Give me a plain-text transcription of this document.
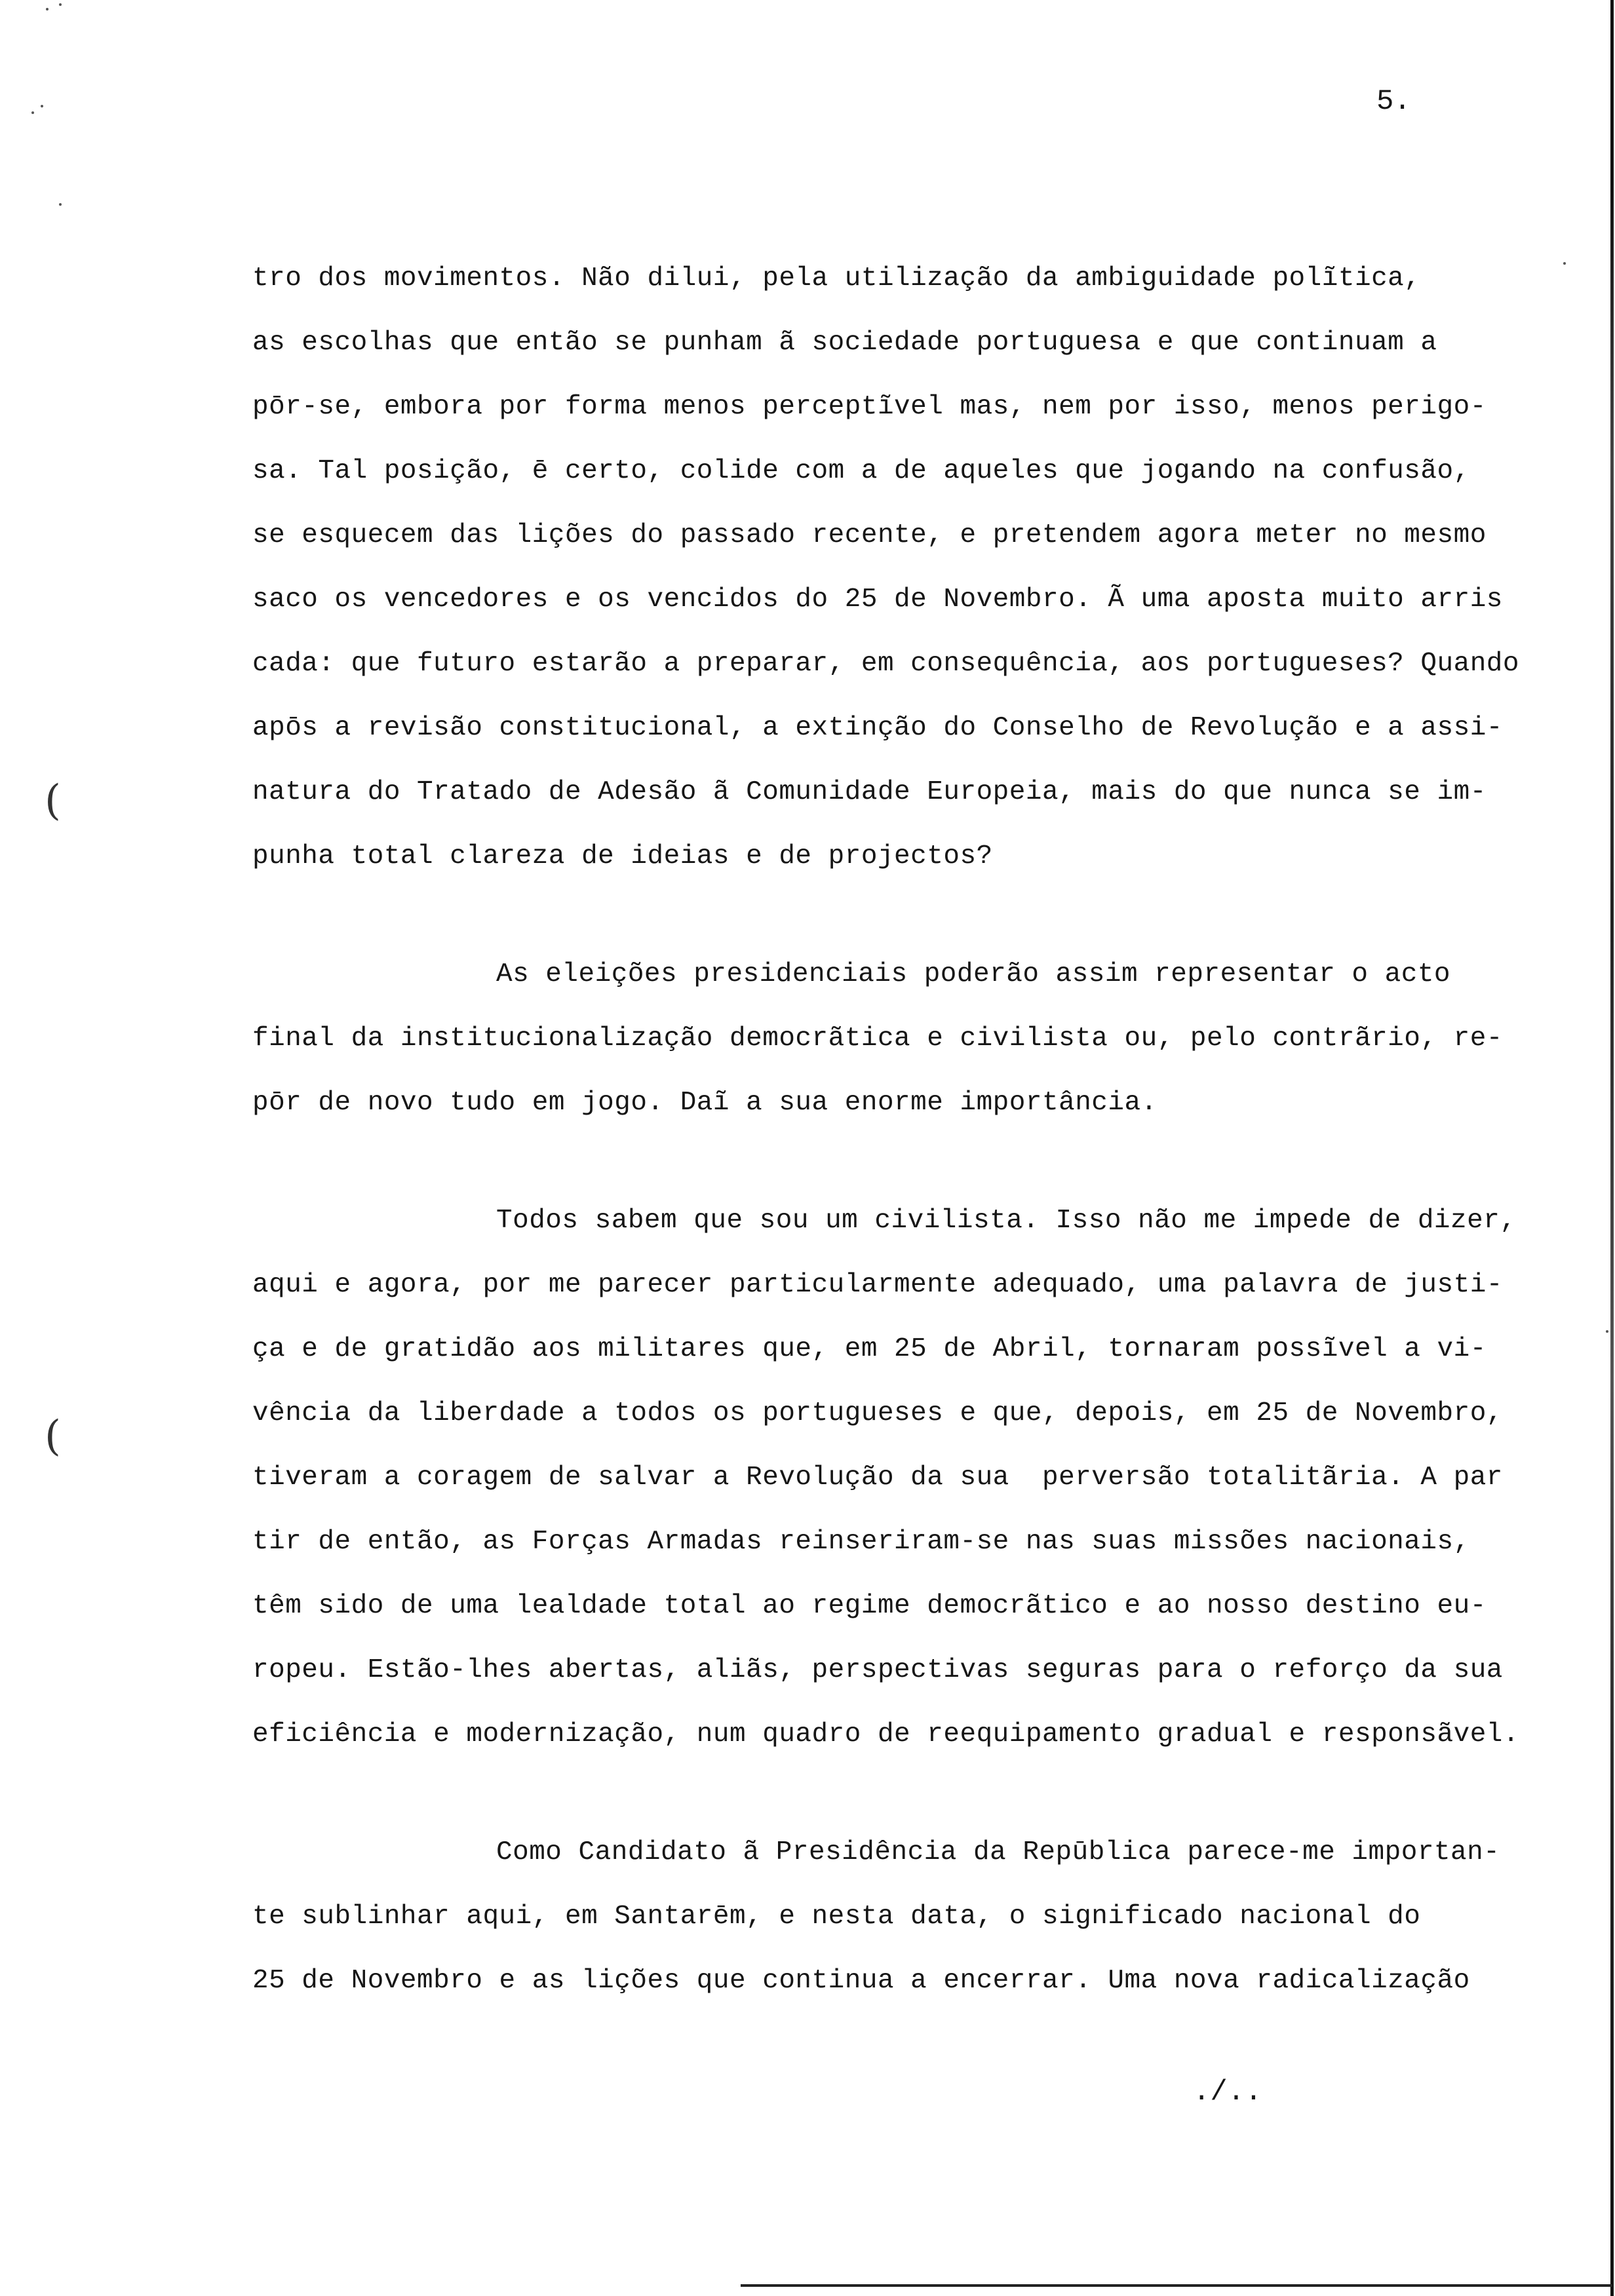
5.
(
(
tro dos movimentos. Não dilui, pela utilização da ambiguidade polĩtica,
as escolhas que então se punham ã sociedade portuguesa e que continuam a
pōr-se, embora por forma menos perceptĩvel mas, nem por isso, menos perigo-
sa. Tal posição, ē certo, colide com a de aqueles que jogando na confusão,
se esquecem das lições do passado recente, e pretendem agora meter no mesmo
saco os vencedores e os vencidos do 25 de Novembro. Ã uma aposta muito arris
cada: que futuro estarão a preparar, em consequência, aos portugueses? Quando
apōs a revisão constitucional, a extinção do Conselho de Revolução e a assi-
natura do Tratado de Adesão ã Comunidade Europeia, mais do que nunca se im-
punha total clareza de ideias e de projectos?
As eleições presidenciais poderão assim representar o acto
final da institucionalização democrãtica e civilista ou, pelo contrãrio, re-
pōr de novo tudo em jogo. Daĩ a sua enorme importância.
Todos sabem que sou um civilista. Isso não me impede de dizer,
aqui e agora, por me parecer particularmente adequado, uma palavra de justi-
ça e de gratidão aos militares que, em 25 de Abril, tornaram possĩvel a vi-
vência da liberdade a todos os portugueses e que, depois, em 25 de Novembro,
tiveram a coragem de salvar a Revolução da sua  perversão totalitãria. A par
tir de então, as Forças Armadas reinseriram-se nas suas missões nacionais,
têm sido de uma lealdade total ao regime democrãtico e ao nosso destino eu-
ropeu. Estão-lhes abertas, aliãs, perspectivas seguras para o reforço da sua
eficiência e modernização, num quadro de reequipamento gradual e responsãvel.
Como Candidato ã Presidência da Repūblica parece-me importan-
te sublinhar aqui, em Santarēm, e nesta data, o significado nacional do
25 de Novembro e as lições que continua a encerrar. Uma nova radicalização
./..
